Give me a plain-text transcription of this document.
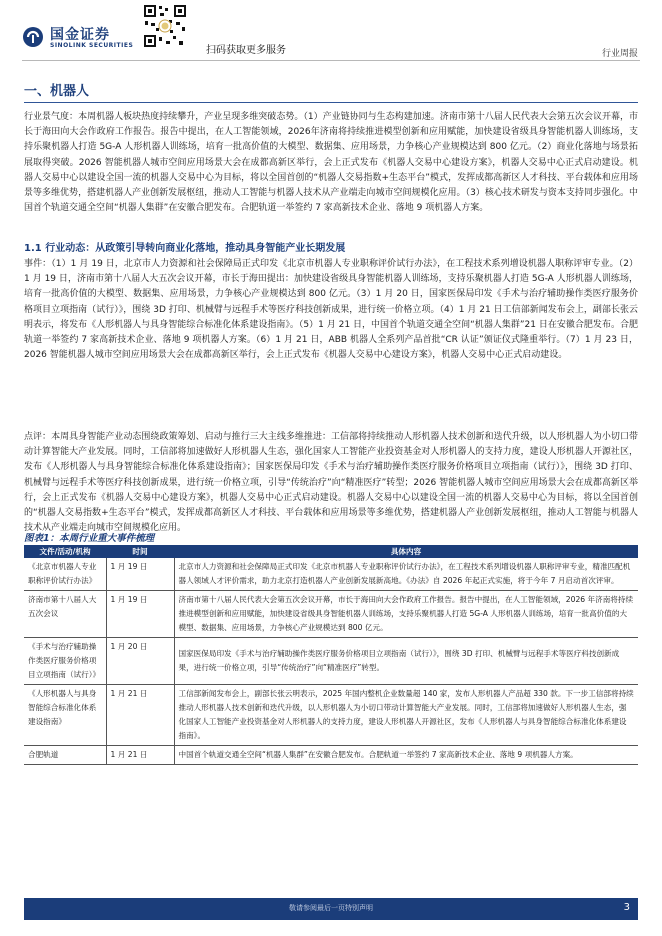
国金证券
SINOLINK SECURITIES	扫码获取更多服务	行业周报
一、机器人
行业景气度：本周机器人板块热度持续攀升，产业呈现多维突破态势。（1）产业链协同与生态构建加速。济南市第十八届人民代表大会第五次会议开幕，市长于海田向大会作政府工作报告。报告中提出，在人工智能领域，2026年济南将持续推进模型创新和应用赋能，加快建设省级具身智能机器人训练场，支持乐聚机器人打造 5G-A 人形机器人训练场，培育一批高价值的大模型、数据集、应用场景，力争核心产业规模达到 800 亿元。（2）商业化落地与场景拓展取得突破。2026 智能机器人城市空间应用场景大会在成都高新区举行，会上正式发布《机器人交易中心建设方案》，机器人交易中心正式启动建设。机器人交易中心以建设全国一流的机器人交易中心为目标，将以全国首创的“机器人交易指数+生态平台”模式，发挥成都高新区人才科技、平台载体和应用场景等多维优势，搭建机器人产业创新发展枢纽，推动人工智能与机器人技术从产业端走向城市空间规模化应用。（3）核心技术研发与资本支持同步强化。中国首个轨道交通全空间“机器人集群”在安徽合肥发布。合肥轨道一举签约 7 家高新技术企业、落地 9 项机器人方案。
1.1 行业动态：从政策引导转向商业化落地，推动具身智能产业长期发展
事件：（1）1 月 19 日，北京市人力资源和社会保障局正式印发《北京市机器人专业职称评价试行办法》，在工程技术系列增设机器人职称评审专业。（2）1 月 19 日，济南市第十八届人大五次会议开幕，市长于海田提出：加快建设省级具身智能机器人训练场，支持乐聚机器人打造 5G-A 人形机器人训练场，培育一批高价值的大模型、数据集、应用场景，力争核心产业规模达到 800 亿元。（3）1 月 20 日，国家医保局印发《手术与治疗辅助操作类医疗服务价格项目立项指南（试行）》，围绕 3D 打印、机械臂与远程手术等医疗科技创新成果，进行统一价格立项。（4）1 月 21 日工信部新闻发布会上，副部长张云明表示，将发布《人形机器人与具身智能综合标准化体系建设指南》。（5）1 月 21 日，中国首个轨道交通全空间“机器人集群”21 日在安徽合肥发布。合肥轨道一举签约 7 家高新技术企业、落地 9 项机器人方案。（6）1 月 21 日，ABB 机器人全系列产品首批“CR 认证”颁证仪式隆重举行。（7）1 月 23 日，2026 智能机器人城市空间应用场景大会在成都高新区举行，会上正式发布《机器人交易中心建设方案》，机器人交易中心正式启动建设。
点评：本周具身智能产业动态围绕政策筹划、启动与推行三大主线多维推进：工信部将持续推动人形机器人技术创新和迭代升级，以人形机器人为小切口带动计算智能大产业发展。同时，工信部将加速做好人形机器人生态，强化国家人工智能产业投资基金对人形机器人的支持力度，建设人形机器人开源社区，发布《人形机器人与具身智能综合标准化体系建设指南》；国家医保局印发《手术与治疗辅助操作类医疗服务价格项目立项指南（试行）》，围绕 3D 打印、机械臂与远程手术等医疗科技创新成果，进行统一价格立项，引导“传统治疗”向“精准医疗”转型；2026 智能机器人城市空间应用场景大会在成都高新区举行，会上正式发布《机器人交易中心建设方案》，机器人交易中心正式启动建设。机器人交易中心以建设全国一流的机器人交易中心为目标，将以全国首创的“机器人交易指数+生态平台”模式，发挥成都高新区人才科技、平台载体和应用场景等多维优势，搭建机器人产业创新发展枢纽，推动人工智能与机器人技术从产业端走向城市空间规模化应用。
图表1：本周行业重大事件梳理
文件/活动/机构	时间	具体内容
《北京市机器人专业职称评价试行办法》	1 月 19 日	北京市人力资源和社会保障局正式印发《北京市机器人专业职称评价试行办法》，在工程技术系列增设机器人职称评审专业，精准匹配机器人领域人才评价需求，助力北京打造机器人产业创新发展新高地。《办法》自 2026 年起正式实施，将于今年 7 月启动首次评审。
济南市第十八届人大五次会议	1 月 19 日	济南市第十八届人民代表大会第五次会议开幕，市长于海田向大会作政府工作报告。报告中提出，在人工智能领域，2026 年济南将持续推进模型创新和应用赋能，加快建设省级具身智能机器人训练场，支持乐聚机器人打造 5G-A 人形机器人训练场，培育一批高价值的大模型、数据集、应用场景，力争核心产业规模达到 800 亿元。
《手术与治疗辅助操作类医疗服务价格项目立项指南（试行）》	1 月 20 日	国家医保局印发《手术与治疗辅助操作类医疗服务价格项目立项指南（试行）》，围绕 3D 打印、机械臂与远程手术等医疗科技创新成果，进行统一价格立项，引导“传统治疗”向“精准医疗”转型。
《人形机器人与具身智能综合标准化体系建设指南》	1 月 21 日	工信部新闻发布会上，副部长张云明表示，2025 年国内整机企业数量超 140 家，发布人形机器人产品超 330 款。下一步工信部将持续推动人形机器人技术创新和迭代升级，以人形机器人为小切口带动计算智能大产业发展。同时，工信部将加速做好人形机器人生态，强化国家人工智能产业投资基金对人形机器人的支持力度，建设人形机器人开源社区，发布《人形机器人与具身智能综合标准化体系建设指南》。
合肥轨道	1 月 21 日	中国首个轨道交通全空间“机器人集群”在安徽合肥发布。合肥轨道一举签约 7 家高新技术企业、落地 9 项机器人方案。
敬请参阅最后一页特别声明	3
